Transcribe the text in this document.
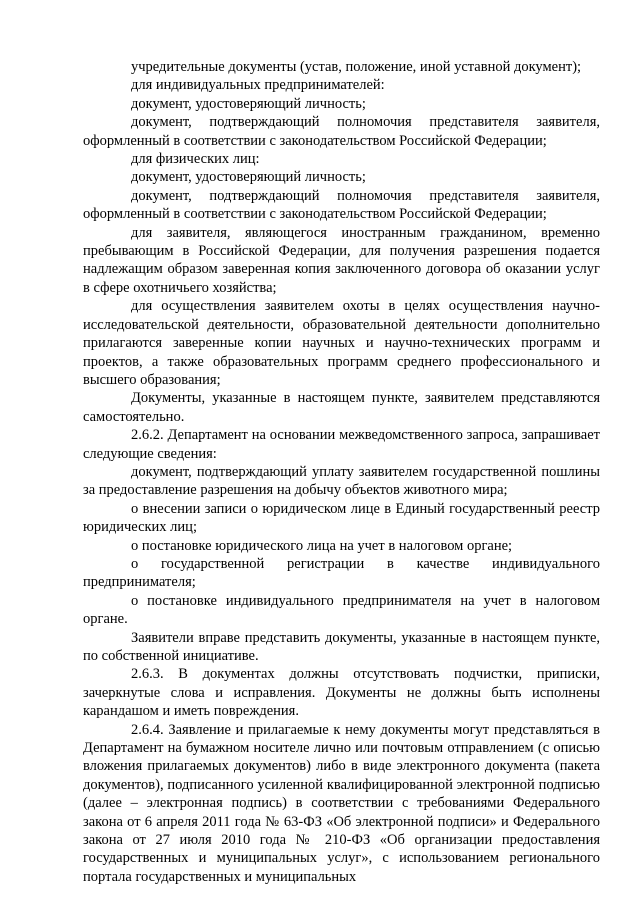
учредительные документы (устав, положение, иной уставной документ);

для индивидуальных предпринимателей:

документ, удостоверяющий личность;

документ, подтверждающий полномочия представителя заявителя, оформленный в соответствии с законодательством Российской Федерации;

для физических лиц:

документ, удостоверяющий личность;

документ, подтверждающий полномочия представителя заявителя, оформленный в соответствии с законодательством Российской Федерации;

для заявителя, являющегося иностранным гражданином, временно пребывающим в Российской Федерации, для получения разрешения подается надлежащим образом заверенная копия заключенного договора об оказании услуг в сфере охотничьего хозяйства;

для осуществления заявителем охоты в целях осуществления научно-исследовательской деятельности, образовательной деятельности дополнительно прилагаются заверенные копии научных и научно-технических программ и проектов, а также образовательных программ среднего профессионального и высшего образования;

Документы, указанные в настоящем пункте, заявителем представляются самостоятельно.

2.6.2. Департамент на основании межведомственного запроса, запрашивает следующие сведения:

документ, подтверждающий уплату заявителем государственной пошлины за предоставление разрешения на добычу объектов животного мира;

о внесении записи о юридическом лице в Единый государственный реестр юридических лиц;

о постановке юридического лица на учет в налоговом органе;

о государственной регистрации в качестве индивидуального предпринимателя;

о постановке индивидуального предпринимателя на учет в налоговом органе.

Заявители вправе представить документы, указанные в настоящем пункте, по собственной инициативе.

2.6.3. В документах должны отсутствовать подчистки, приписки, зачеркнутые слова и исправления. Документы не должны быть исполнены карандашом и иметь повреждения.

2.6.4. Заявление и прилагаемые к нему документы могут представляться в Департамент на бумажном носителе лично или почтовым отправлением (с описью вложения прилагаемых документов) либо в виде электронного документа (пакета документов), подписанного усиленной квалифицированной электронной подписью (далее – электронная подпись) в соответствии с требованиями Федерального закона от 6 апреля 2011 года № 63-ФЗ «Об электронной подписи» и Федерального закона от 27 июля 2010 года № 210-ФЗ «Об организации предоставления государственных и муниципальных услуг», с использованием регионального портала государственных и муниципальных
